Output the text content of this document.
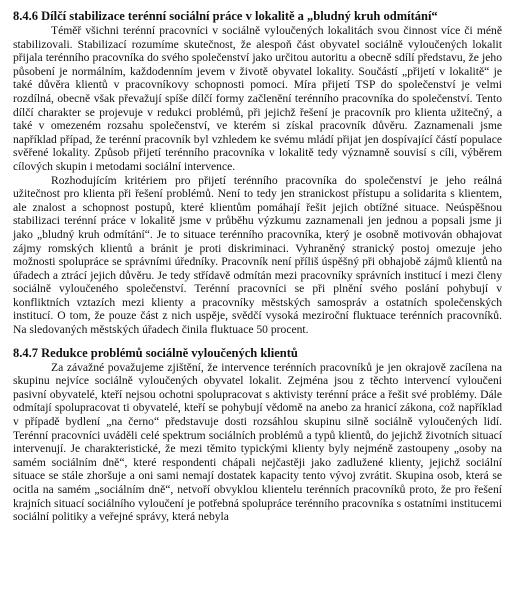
8.4.6 Dílčí stabilizace terénní sociální práce v lokalitě a „bludný kruh odmítání“

Téměř všichni terénní pracovníci v sociálně vyloučených lokalitách svou činnost více či méně stabilizovali. Stabilizací rozumíme skutečnost, že alespoň část obyvatel sociálně vyloučených lokalit přijala terénního pracovníka do svého společenství jako určitou autoritu a obecně sdílí představu, že jeho působení je normálním, každodenním jevem v životě obyvatel lokality. Součástí „přijetí v lokalitě“ je také důvěra klientů v pracovníkovy schopnosti pomoci. Míra přijetí TSP do společenství je velmi rozdílná, obecně však převažují spíše dílčí formy začlenění terénního pracovníka do společenství. Tento dílčí charakter se projevuje v redukci problémů, při jejichž řešení je pracovník pro klienta užitečný, a také v omezeném rozsahu společenství, ve kterém si získal pracovník důvěru. Zaznamenali jsme například případ, že terénní pracovník byl vzhledem ke svému mládí přijat jen dospívající částí populace svěřené lokality. Způsob přijetí terénního pracovníka v lokalitě tedy významně souvisí s cíli, výběrem cílových skupin i metodami sociální intervence.

Rozhodujícím kritériem pro přijetí terénního pracovníka do společenství je jeho reálná užitečnost pro klienta při řešení problémů. Není to tedy jen stranickost přístupu a solidarita s klientem, ale znalost a schopnost postupů, které klientům pomáhají řešit jejich obtížné situace. Neúspěšnou stabilizaci terénní práce v lokalitě jsme v průběhu výzkumu zaznamenali jen jednou a popsali jsme ji jako „bludný kruh odmítání“. Je to situace terénního pracovníka, který je osobně motivován obhajovat zájmy romských klientů a bránit je proti diskriminaci. Vyhraněný stranický postoj omezuje jeho možnosti spolupráce se správními úředníky. Pracovník není příliš úspěšný při obhajobě zájmů klientů na úřadech a ztrácí jejich důvěru. Je tedy střídavě odmítán mezi pracovníky správních institucí i mezi členy sociálně vyloučeného společenství. Terénní pracovníci se při plnění svého poslání pohybují v konfliktních vztazích mezi klienty a pracovníky městských samospráv a ostatních společenských institucí. O tom, že pouze část z nich uspěje, svědčí vysoká meziroční fluktuace terénních pracovníků. Na sledovaných městských úřadech činila fluktuace 50 procent.

8.4.7 Redukce problémů sociálně vyloučených klientů

Za závažné považujeme zjištění, že intervence terénních pracovníků je jen okrajově zacílena na skupinu nejvíce sociálně vyloučených obyvatel lokalit. Zejména jsou z těchto intervencí vyloučeni pasivní obyvatelé, kteří nejsou ochotni spolupracovat s aktivisty terénní práce a řešit své problémy. Dále odmítají spolupracovat ti obyvatelé, kteří se pohybují vědomě na anebo za hranicí zákona, což například v případě bydlení „na černo“ představuje dosti rozsáhlou skupinu silně sociálně vyloučených lidí. Terénní pracovníci uváděli celé spektrum sociálních problémů a typů klientů, do jejichž životních situací intervenují. Je charakteristické, že mezi těmito typickými klienty byly nejméně zastoupeny „osoby na samém sociálním dně“, které respondenti chápali nejčastěji jako zadlužené klienty, jejichž sociální situace se stále zhoršuje a oni sami nemají dostatek kapacity tento vývoj zvrátit. Skupina osob, která se ocitla na samém „sociálním dně“, netvoří obvyklou klientelu terénních pracovníků proto, že pro řešení krajních situací sociálního vyloučení je potřebná spolupráce terénního pracovníka s ostatními institucemi sociální politiky a veřejné správy, která nebyla
